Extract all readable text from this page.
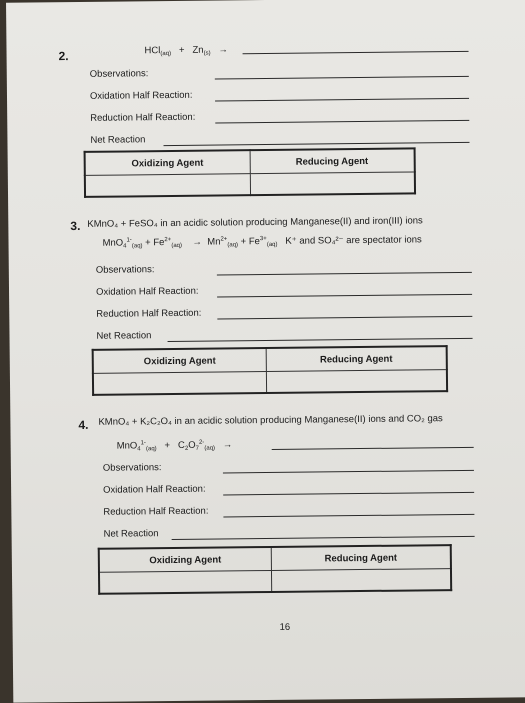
2.	$HCl_{(aq)} + Zn_{(s)}$ →
Observations:
Oxidation Half Reaction:
Reduction Half Reaction:
Net Reaction
Oxidizing Agent	Reducing Agent

3. KMnO₄ + FeSO₄ in an acidic solution producing Manganese(II) and iron(III) ions
$MnO_4^{1-}_{(aq)} + Fe^{2+}_{(aq)} \to Mn^{2+}_{(aq)} + Fe^{3+}_{(aq)}$ K⁺ and SO₄²⁻ are spectator ions
Observations:
Oxidation Half Reaction:
Reduction Half Reaction:
Net Reaction
Oxidizing Agent	Reducing Agent

4. KMnO₄ + K₂C₂O₄ in an acidic solution producing Manganese(II) ions and CO₂ gas
$MnO_4^{1-}_{(aq)} + C_2O_7^{2-}_{(aq)}$ →
Observations:
Oxidation Half Reaction:
Reduction Half Reaction:
Net Reaction
Oxidizing Agent	Reducing Agent

16
